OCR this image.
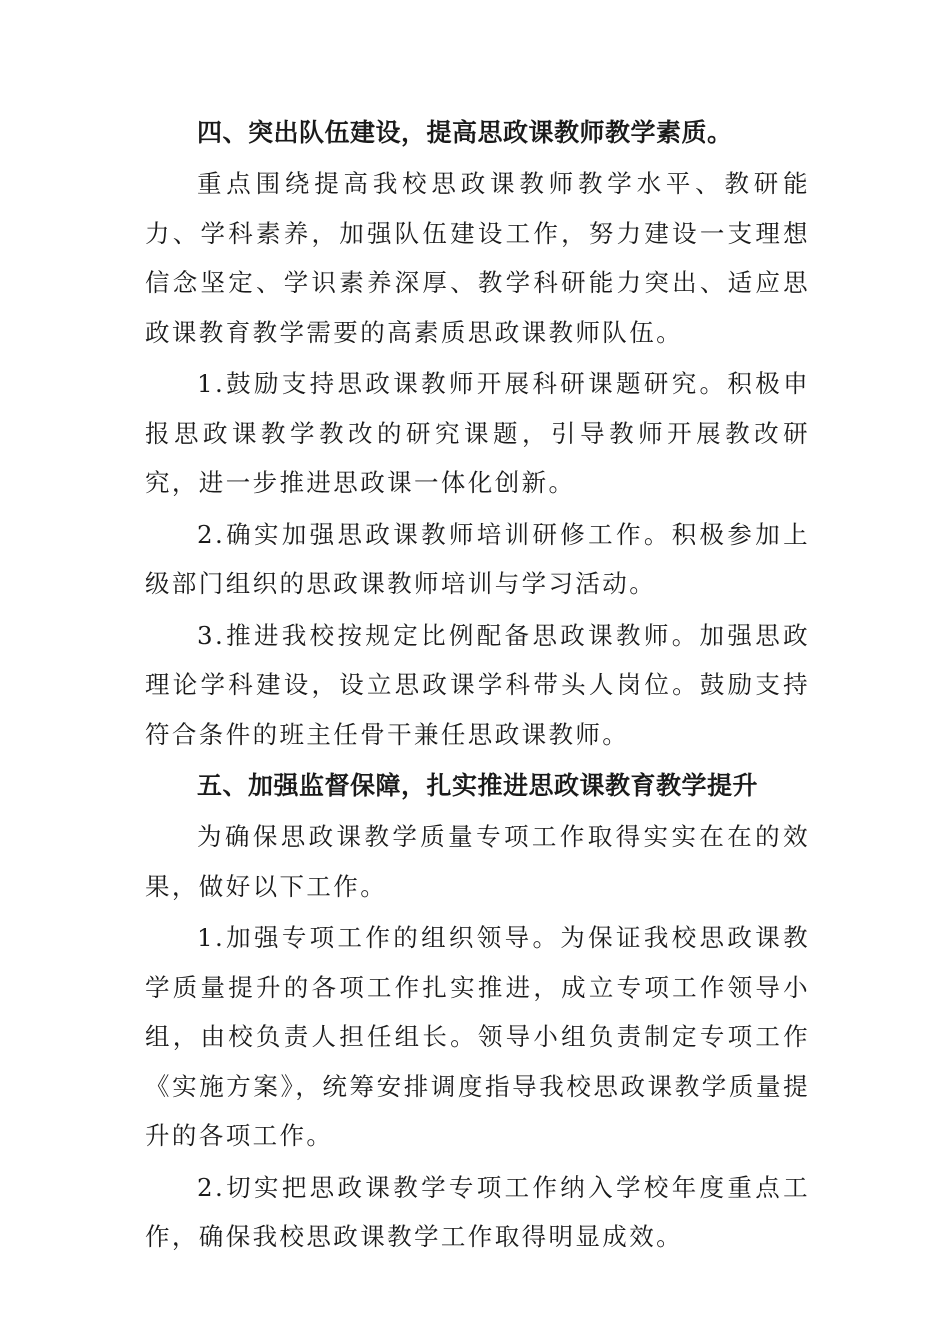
四、突出队伍建设，提高思政课教师教学素质。

重点围绕提高我校思政课教师教学水平、教研能力、学科素养，加强队伍建设工作，努力建设一支理想信念坚定、学识素养深厚、教学科研能力突出、适应思政课教育教学需要的高素质思政课教师队伍。

1.鼓励支持思政课教师开展科研课题研究。积极申报思政课教学教改的研究课题，引导教师开展教改研究，进一步推进思政课一体化创新。

2.确实加强思政课教师培训研修工作。积极参加上级部门组织的思政课教师培训与学习活动。

3.推进我校按规定比例配备思政课教师。加强思政理论学科建设，设立思政课学科带头人岗位。鼓励支持符合条件的班主任骨干兼任思政课教师。

五、加强监督保障，扎实推进思政课教育教学提升

为确保思政课教学质量专项工作取得实实在在的效果，做好以下工作。

1.加强专项工作的组织领导。为保证我校思政课教学质量提升的各项工作扎实推进，成立专项工作领导小组，由校负责人担任组长。领导小组负责制定专项工作《实施方案》，统筹安排调度指导我校思政课教学质量提升的各项工作。

2.切实把思政课教学专项工作纳入学校年度重点工作，确保我校思政课教学工作取得明显成效。
